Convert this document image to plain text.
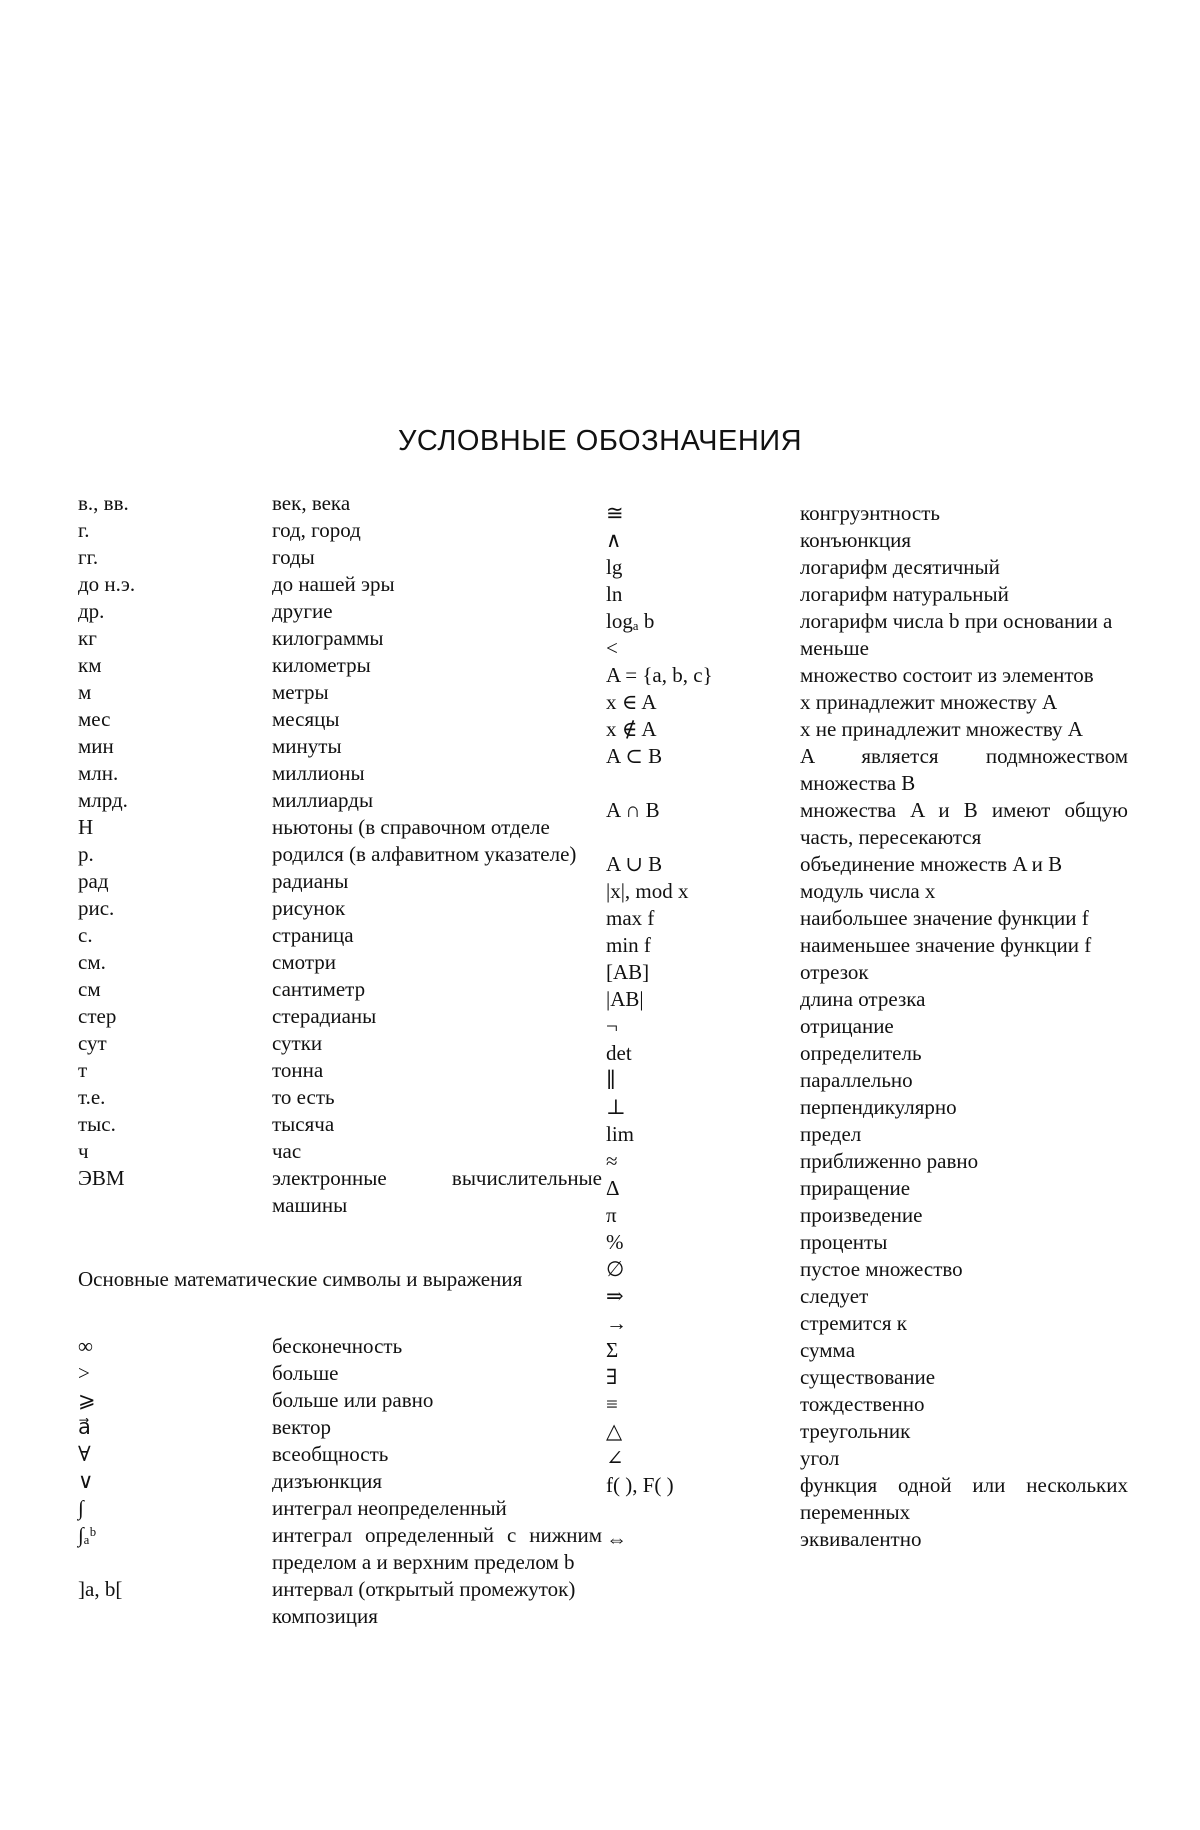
УСЛОВНЫЕ ОБОЗНАЧЕНИЯ
в., вв.
г.
гг.
до н.э.
др.
кг
км
м
мес
мин
млн.
млрд.
Н
р.
рад
рис.
с.
см.
см
стер
сут
т
т.е.
тыс.
ч
ЭВМ
век, века
год, город
годы
до нашей эры
другие
килограммы
километры
метры
месяцы
минуты
миллионы
миллиарды
ньютоны (в справочном отделе
родился (в алфавитном указателе)
радианы
рисунок
страница
смотри
сантиметр
стерадианы
сутки
тонна
то есть
тысяча
час
электронные вычислительные машины
Основные математические символы и выражения
∞
>
⩾
a⃗
∀
∨
∫
∫ₐᵇ
]a, b[
бесконечность
больше
больше или равно
вектор
всеобщность
дизъюнкция
интеграл неопределенный
интеграл определенный с нижним пределом a и верхним пределом b
интервал (открытый промежуток)
композиция
≅
∧
lg
ln
logₐ b
<
A = {a, b, c}
x ∈ A
x ∉ A
A ⊂ B
A ∩ B
A ∪ B
|x|, mod x
max f
min f
[AB]
|AB|
¬
det
∥
⊥
lim
≈
Δ
π
%
∅
⇒
→
Σ
∃
≡
△
∠
f( ), F( )
⇔
конгруэнтность
конъюнкция
логарифм десятичный
логарифм натуральный
логарифм числа b при основании a
меньше
множество состоит из элементов
x принадлежит множеству A
x не принадлежит множеству A
A является подмножеством множества B
множества A и B имеют общую часть, пересекаются
объединение множеств A и B
модуль числа x
наибольшее значение функции f
наименьшее значение функции f
отрезок
длина отрезка
отрицание
определитель
параллельно
перпендикулярно
предел
приближенно равно
приращение
произведение
проценты
пустое множество
следует
стремится к
сумма
существование
тождественно
треугольник
угол
функция одной или нескольких переменных
эквивалентно
